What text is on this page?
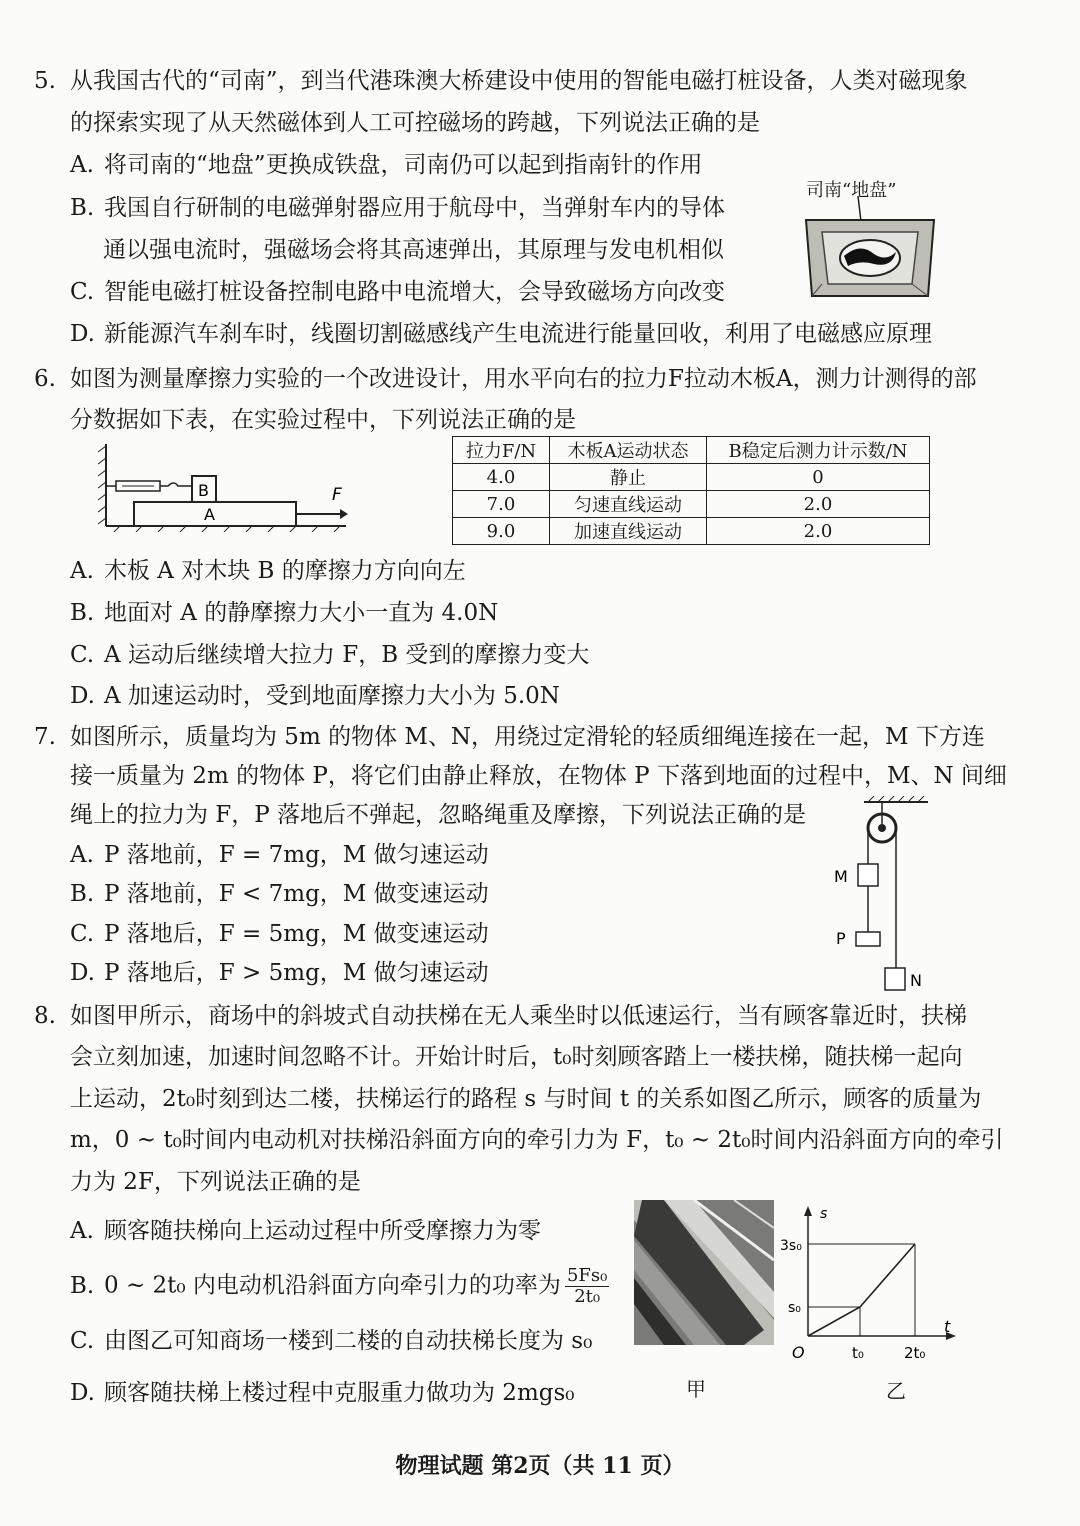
5. 从我国古代的“司南”，到当代港珠澳大桥建设中使用的智能电磁打桩设备，人类对磁现象
的探索实现了从天然磁体到人工可控磁场的跨越，下列说法正确的是
A. 将司南的“地盘”更换成铁盘，司南仍可以起到指南针的作用
B. 我国自行研制的电磁弹射器应用于航母中，当弹射车内的导体
通以强电流时，强磁场会将其高速弹出，其原理与发电机相似
C. 智能电磁打桩设备控制电路中电流增大，会导致磁场方向改变
D. 新能源汽车刹车时，线圈切割磁感线产生电流进行能量回收，利用了电磁感应原理
司南“地盘”
6. 如图为测量摩擦力实验的一个改进设计，用水平向右的拉力F拉动木板A，测力计测得的部
分数据如下表，在实验过程中，下列说法正确的是
B
A
F
拉力F/N	木板A运动状态	B稳定后测力计示数/N
4.0	静止	0
7.0	匀速直线运动	2.0
9.0	加速直线运动	2.0
A. 木板 A 对木块 B 的摩擦力方向向左
B. 地面对 A 的静摩擦力大小一直为 4.0N
C. A 运动后继续增大拉力 F，B 受到的摩擦力变大
D. A 加速运动时，受到地面摩擦力大小为 5.0N
7. 如图所示，质量均为 5m 的物体 M、N，用绕过定滑轮的轻质细绳连接在一起，M 下方连
接一质量为 2m 的物体 P，将它们由静止释放，在物体 P 下落到地面的过程中，M、N 间细
绳上的拉力为 F，P 落地后不弹起，忽略绳重及摩擦，下列说法正确的是
A. P 落地前，F = 7mg，M 做匀速运动
B. P 落地前，F < 7mg，M 做变速运动
C. P 落地后，F = 5mg，M 做变速运动
D. P 落地后，F > 5mg，M 做匀速运动
M
P
N
8. 如图甲所示，商场中的斜坡式自动扶梯在无人乘坐时以低速运行，当有顾客靠近时，扶梯
会立刻加速，加速时间忽略不计。开始计时后，t₀时刻顾客踏上一楼扶梯，随扶梯一起向
上运动，2t₀时刻到达二楼，扶梯运行的路程 s 与时间 t 的关系如图乙所示，顾客的质量为
m，0 ~ t₀时间内电动机对扶梯沿斜面方向的牵引力为 F，t₀ ~ 2t₀时间内沿斜面方向的牵引
力为 2F，下列说法正确的是
A. 顾客随扶梯向上运动过程中所受摩擦力为零
B. 0 ~ 2t₀ 内电动机沿斜面方向牵引力的功率为 $\frac{\text{5Fs₀}}{\text{2t₀}}$
C. 由图乙可知商场一楼到二楼的自动扶梯长度为 s₀
D. 顾客随扶梯上楼过程中克服重力做功为 2mgs₀	甲
s
t
3s₀
s₀
O	t₀	2t₀
乙
物理试题 第2页（共 11 页）
